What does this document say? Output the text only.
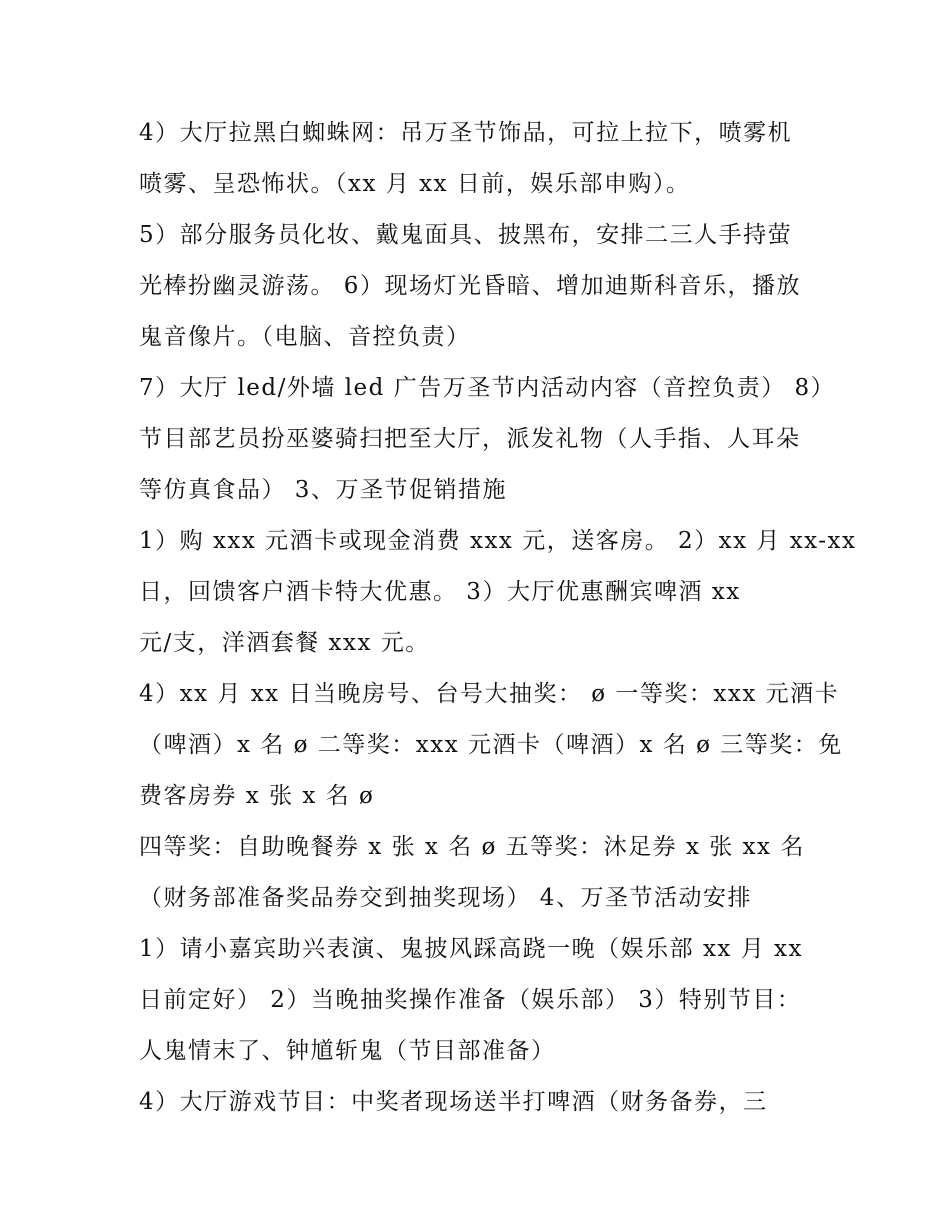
4）大厅拉黑白蜘蛛网：吊万圣节饰品，可拉上拉下，喷雾机
喷雾、呈恐怖状。（xx 月 xx 日前，娱乐部申购）。
5）部分服务员化妆、戴鬼面具、披黑布，安排二三人手持萤
光棒扮幽灵游荡。 6）现场灯光昏暗、增加迪斯科音乐，播放
鬼音像片。（电脑、音控负责）
7）大厅 led/外墙 led 广告万圣节内活动内容（音控负责） 8）
节目部艺员扮巫婆骑扫把至大厅，派发礼物（人手指、人耳朵
等仿真食品） 3、万圣节促销措施
1）购 xxx 元酒卡或现金消费 xxx 元，送客房。 2）xx 月 xx-xx
日，回馈客户酒卡特大优惠。 3）大厅优惠酬宾啤酒 xx
元/支，洋酒套餐 xxx 元。
4）xx 月 xx 日当晚房号、台号大抽奖： ø 一等奖：xxx 元酒卡
（啤酒）x 名 ø 二等奖：xxx 元酒卡（啤酒）x 名 ø 三等奖：免
费客房券 x 张 x 名 ø
四等奖：自助晚餐券 x 张 x 名 ø 五等奖：沐足券 x 张 xx 名
（财务部准备奖品券交到抽奖现场） 4、万圣节活动安排
1）请小嘉宾助兴表演、鬼披风踩高跷一晚（娱乐部 xx 月 xx
日前定好） 2）当晚抽奖操作准备（娱乐部） 3）特别节目：
人鬼情末了、钟馗斩鬼（节目部准备）
4）大厅游戏节目：中奖者现场送半打啤酒（财务备券，三
